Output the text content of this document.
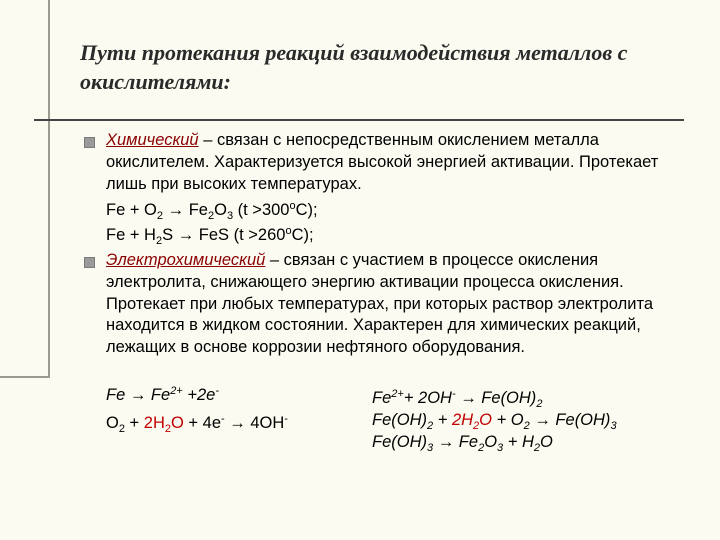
Пути протекания реакций взаимодействия металлов с окислителями:
Химический – связан с непосредственным окислением металла окислителем. Характеризуется высокой энергией активации. Протекает лишь при высоких температурах.
$Fe + O_2 \to Fe_2O_3$ $(t >300^oC)$;
$Fe + H_2S$ → FeS $(t >260^oC)$;
Электрохимический – связан с участием в процессе окисления электролита, снижающего энергию активации процесса окисления. Протекает при любых температурах, при которых раствор электролита находится в жидком состоянии. Характерен для химических реакций, лежащих в основе коррозии нефтяного оборудования.
$Fe \to Fe^{2+} +2e^-$
$O_2 + 2H_2O + 4e^- \to 4OH^-$
$Fe^{2+}+ 2OH^- \to Fe(OH)_2$
$Fe(OH)_2 + 2H_2O + O_2 \to Fe(OH)_3$
$Fe(OH)_3 \to Fe_2O_3 + H_2O$
